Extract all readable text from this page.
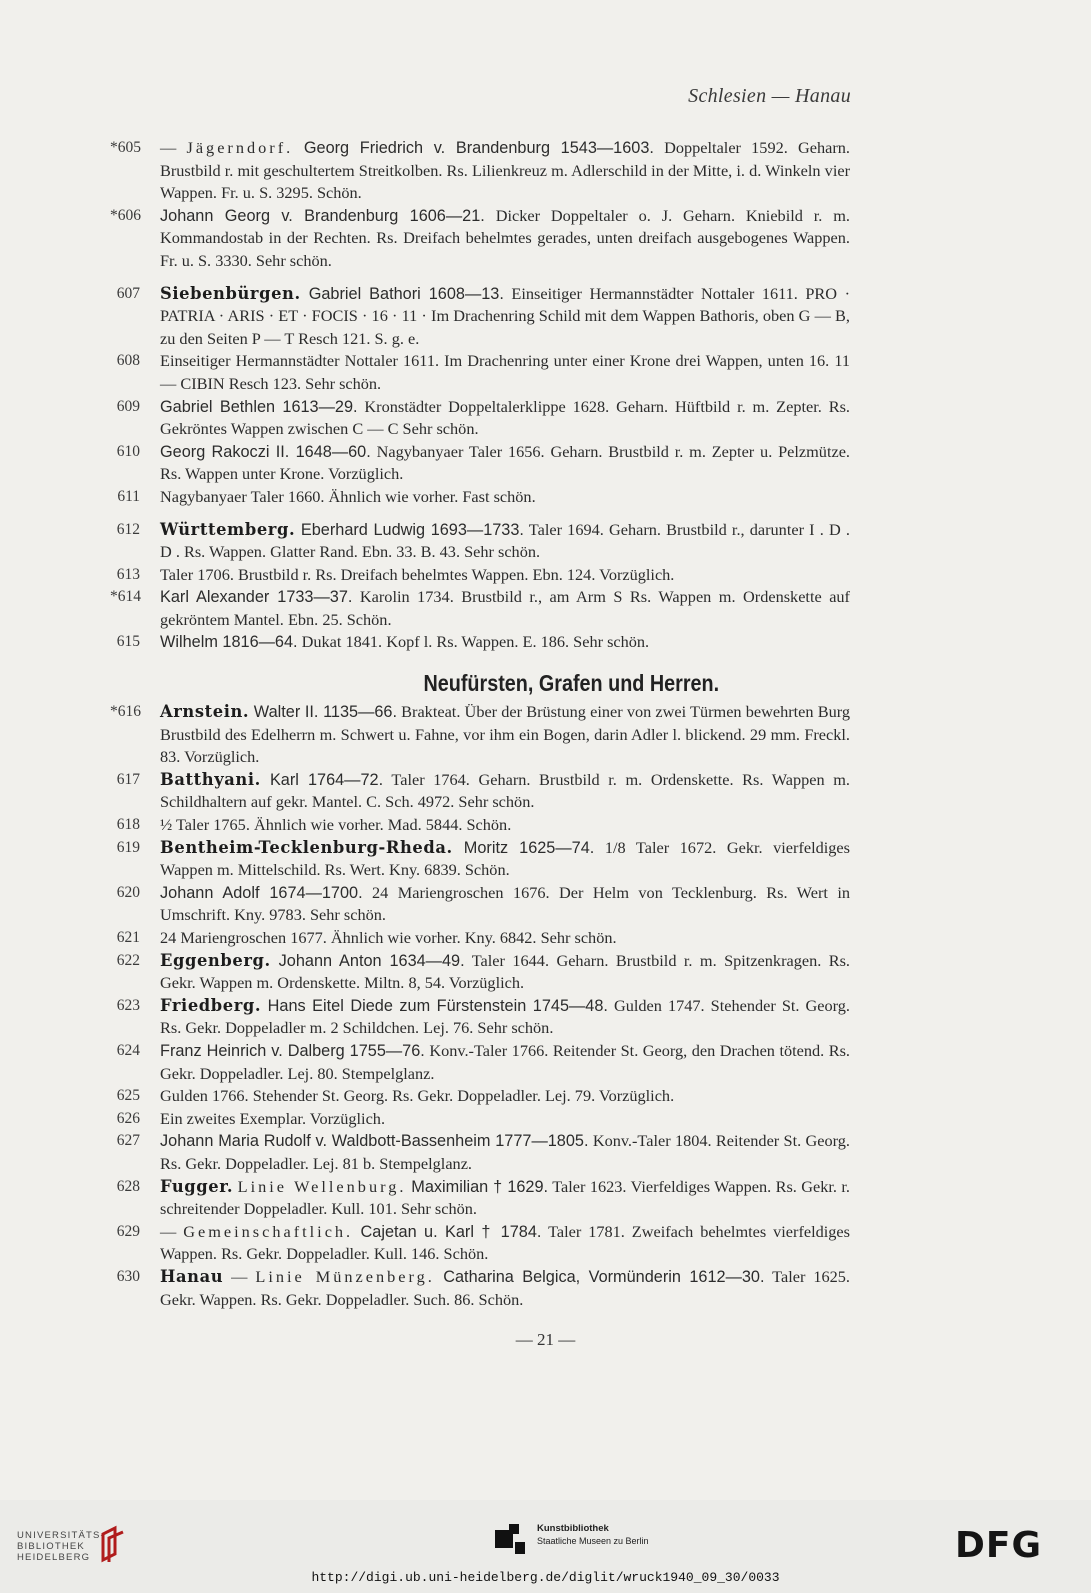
Schlesien — Hanau
*605 — Jägerndorf. Georg Friedrich v. Brandenburg 1543—1603. Doppeltaler 1592. Geharn. Brustbild r. mit geschultertem Streitkolben. Rs. Lilienkreuz m. Adlerschild in der Mitte, i. d. Winkeln vier Wappen. Fr. u. S. 3295. Schön.
*606 Johann Georg v. Brandenburg 1606—21. Dicker Doppeltaler o. J. Geharn. Kniebild r. m. Kommandostab in der Rechten. Rs. Dreifach behelmtes gerades, unten dreifach ausgebogenes Wappen. Fr. u. S. 3330. Sehr schön.
607 Siebenbürgen. Gabriel Bathori 1608—13. Einseitiger Hermannstädter Nottaler 1611. PRO · PATRIA · ARIS · ET · FOCIS · 16 · 11 · Im Drachenring Schild mit dem Wappen Bathoris, oben G — B, zu den Seiten P — T Resch 121. S. g. e.
608 Einseitiger Hermannstädter Nottaler 1611. Im Drachenring unter einer Krone drei Wappen, unten 16. 11 — CIBIN Resch 123. Sehr schön.
609 Gabriel Bethlen 1613—29. Kronstädter Doppeltalerklippe 1628. Geharn. Hüftbild r. m. Zepter. Rs. Gekröntes Wappen zwischen C — C Sehr schön.
610 Georg Rakoczi II. 1648—60. Nagybanyaer Taler 1656. Geharn. Brustbild r. m. Zepter u. Pelzmütze. Rs. Wappen unter Krone. Vorzüglich.
611 Nagybanyaer Taler 1660. Ähnlich wie vorher. Fast schön.
612 Württemberg. Eberhard Ludwig 1693—1733. Taler 1694. Geharn. Brustbild r., darunter I . D . D . Rs. Wappen. Glatter Rand. Ebn. 33. B. 43. Sehr schön.
613 Taler 1706. Brustbild r. Rs. Dreifach behelmtes Wappen. Ebn. 124. Vorzüglich.
*614 Karl Alexander 1733—37. Karolin 1734. Brustbild r., am Arm S Rs. Wappen m. Ordenskette auf gekröntem Mantel. Ebn. 25. Schön.
615 Wilhelm 1816—64. Dukat 1841. Kopf l. Rs. Wappen. E. 186. Sehr schön.
Neufürsten, Grafen und Herren.
*616 Arnstein. Walter II. 1135—66. Brakteat. Über der Brüstung einer von zwei Türmen bewehrten Burg Brustbild des Edelherrn m. Schwert u. Fahne, vor ihm ein Bogen, darin Adler l. blickend. 29 mm. Freckl. 83. Vorzüglich.
617 Batthyani. Karl 1764—72. Taler 1764. Geharn. Brustbild r. m. Ordenskette. Rs. Wappen m. Schildhaltern auf gekr. Mantel. C. Sch. 4972. Sehr schön.
618 ½ Taler 1765. Ähnlich wie vorher. Mad. 5844. Schön.
619 Bentheim-Tecklenburg-Rheda. Moritz 1625—74. 1/8 Taler 1672. Gekr. vierfeldiges Wappen m. Mittelschild. Rs. Wert. Kny. 6839. Schön.
620 Johann Adolf 1674—1700. 24 Mariengroschen 1676. Der Helm von Tecklenburg. Rs. Wert in Umschrift. Kny. 9783. Sehr schön.
621 24 Mariengroschen 1677. Ähnlich wie vorher. Kny. 6842. Sehr schön.
622 Eggenberg. Johann Anton 1634—49. Taler 1644. Geharn. Brustbild r. m. Spitzenkragen. Rs. Gekr. Wappen m. Ordenskette. Miltn. 8, 54. Vorzüglich.
623 Friedberg. Hans Eitel Diede zum Fürstenstein 1745—48. Gulden 1747. Stehender St. Georg. Rs. Gekr. Doppeladler m. 2 Schildchen. Lej. 76. Sehr schön.
624 Franz Heinrich v. Dalberg 1755—76. Konv.-Taler 1766. Reitender St. Georg, den Drachen tötend. Rs. Gekr. Doppeladler. Lej. 80. Stempelglanz.
625 Gulden 1766. Stehender St. Georg. Rs. Gekr. Doppeladler. Lej. 79. Vorzüglich.
626 Ein zweites Exemplar. Vorzüglich.
627 Johann Maria Rudolf v. Waldbott-Bassenheim 1777—1805. Konv.-Taler 1804. Reitender St. Georg. Rs. Gekr. Doppeladler. Lej. 81 b. Stempelglanz.
628 Fugger. Linie Wellenburg. Maximilian † 1629. Taler 1623. Vierfeldiges Wappen. Rs. Gekr. r. schreitender Doppeladler. Kull. 101. Sehr schön.
629 — Gemeinschaftlich. Cajetan u. Karl † 1784. Taler 1781. Zweifach behelmtes vierfeldiges Wappen. Rs. Gekr. Doppeladler. Kull. 146. Schön.
630 Hanau — Linie Münzenberg. Catharina Belgica, Vormünderin 1612—30. Taler 1625. Gekr. Wappen. Rs. Gekr. Doppeladler. Such. 86. Schön.
— 21 —
UNIVERSITÄTS-
BIBLIOTHEK
HEIDELBERG
Kunstbibliothek
Staatliche Museen zu Berlin	DFG
http://digi.ub.uni-heidelberg.de/diglit/wruck1940_09_30/0033
